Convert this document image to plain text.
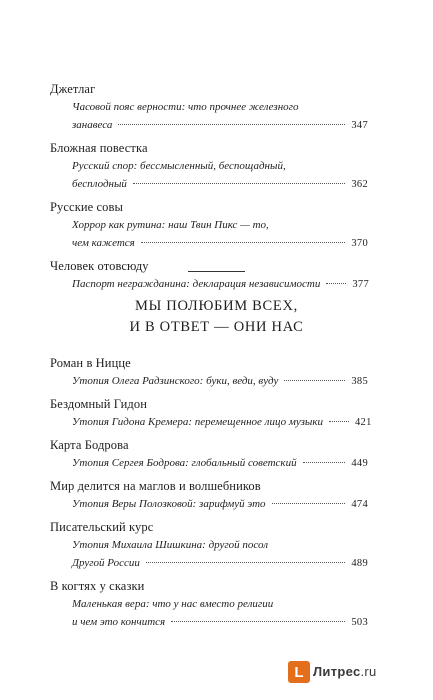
Джетлаг
Часовой пояс верности: что прочнее железного
занавеса	347
Бложная повестка
Русский спор: бессмысленный, беспощадный,
бесплодный	362
Русские совы
Хоррор как рутина: наш Твин Пикс — то,
чем кажется	370
Человек отовсюду
Паспорт негражданина: декларация независимости	377
МЫ ПОЛЮБИМ ВСЕХ,
И В ОТВЕТ — ОНИ НАС
Роман в Ницце
Утопия Олега Радзинского: буки, веди, вуду	385
Бездомный Гидон
Утопия Гидона Кремера: перемещенное лицо музыки	421
Карта Бодрова
Утопия Сергея Бодрова: глобальный советский	449
Мир делится на маглов и волшебников
Утопия Веры Полозковой: зарифмуй это	474
Писательский курс
Утопия Михаила Шишкина: другой посол
Другой России	489
В когтях у сказки
Маленькая вера: что у нас вместо религии
и чем это кончится	503
L Литрес.ru
